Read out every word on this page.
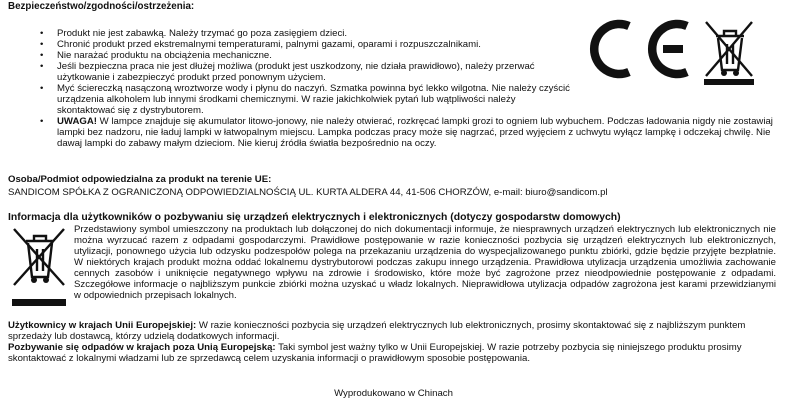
Bezpieczeństwo/zgodności/ostrzeżenia:
• Produkt nie jest zabawką. Należy trzymać go poza zasięgiem dzieci.
• Chronić produkt przed ekstremalnymi temperaturami, palnymi gazami, oparami i rozpuszczalnikami.
• Nie narażać produktu na obciążenia mechaniczne.
• Jeśli bezpieczna praca nie jest dłużej możliwa (produkt jest uszkodzony, nie działa prawidłowo), należy przerwać użytkowanie i zabezpieczyć produkt przed ponownym użyciem.
• Myć ściereczką nasączoną wroztworze wody i płynu do naczyń. Szmatka powinna być lekko wilgotna. Nie należy czyścić urządzenia alkoholem lub innymi środkami chemicznymi. W razie jakichkolwiek pytań lub wątpliwości należy skontaktować się z dystrybutorem.
• UWAGA! W lampce znajduje się akumulator litowo-jonowy, nie należy otwierać, rozkręcać lampki grozi to ogniem lub wybuchem. Podczas ładowania nigdy nie zostawiaj lampki bez nadzoru, nie ładuj lampki w łatwopalnym miejscu. Lampka podczas pracy może się nagrzać, przed wyjęciem z uchwytu wyłącz lampkę i odczekaj chwilę. Nie dawaj lampki do zabawy małym dzieciom. Nie kieruj źródła światła bezpośrednio na oczy.
Osoba/Podmiot odpowiedzialna za produkt na terenie UE:
SANDICOM SPÓŁKA Z OGRANICZONĄ ODPOWIEDZIALNOŚCIĄ UL. KURTA ALDERA 44, 41-506 CHORZÓW, e-mail: biuro@sandicom.pl
Informacja dla użytkowników o pozbywaniu się urządzeń elektrycznych i elektronicznych (dotyczy gospodarstw domowych)
Przedstawiony symbol umieszczony na produktach lub dołączonej do nich dokumentacji informuje, że niesprawnych urządzeń elektrycznych lub elektronicznych nie można wyrzucać razem z odpadami gospodarczymi. Prawidłowe postępowanie w razie konieczności pozbycia się urządzeń elektrycznych lub elektronicznych, utylizacji, ponownego użycia lub odzysku podzespołów polega na przekazaniu urządzenia do wyspecjalizowanego punktu zbiórki, gdzie będzie przyjęte bezpłatnie. W niektórych krajach produkt można oddać lokalnemu dystrybutorowi podczas zakupu innego urządzenia. Prawidłowa utylizacja urządzenia umożliwia zachowanie cennych zasobów i uniknięcie negatywnego wpływu na zdrowie i środowisko, które może być zagrożone przez nieodpowiednie postępowanie z odpadami. Szczegółowe informacje o najbliższym punkcie zbiórki można uzyskać u władz lokalnych. Nieprawidłowa utylizacja odpadów zagrożona jest karami przewidzianymi w odpowiednich przepisach lokalnych.
Użytkownicy w krajach Unii Europejskiej: W razie konieczności pozbycia się urządzeń elektrycznych lub elektronicznych, prosimy skontaktować się z najbliższym punktem sprzedaży lub dostawcą, którzy udzielą dodatkowych informacji.
Pozbywanie się odpadów w krajach poza Unią Europejską: Taki symbol jest ważny tylko w Unii Europejskiej. W razie potrzeby pozbycia się niniejszego produktu prosimy skontaktować z lokalnymi władzami lub ze sprzedawcą celem uzyskania informacji o prawidłowym sposobie postępowania.
Wyprodukowano w Chinach
